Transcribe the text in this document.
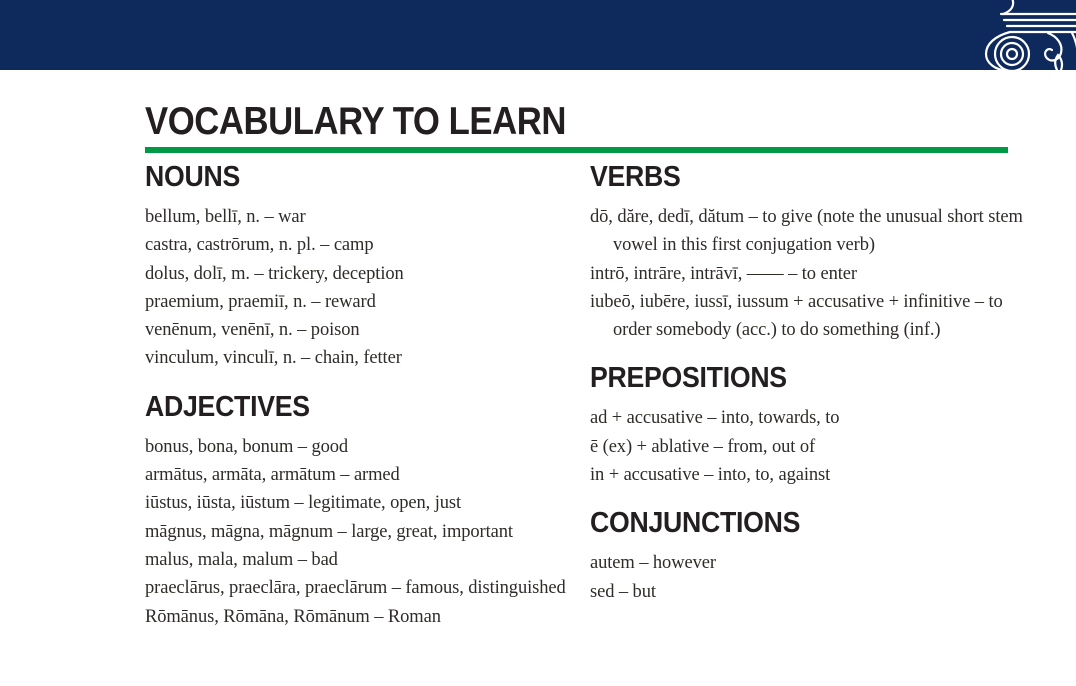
VOCABULARY TO LEARN
NOUNS

bellum, bellī, n. – war

castra, castrōrum, n. pl. – camp

dolus, dolī, m. – trickery, deception

praemium, praemiī, n. – reward

venēnum, venēnī, n. – poison

vinculum, vinculī, n. – chain, fetter

ADJECTIVES

bonus, bona, bonum – good

armātus, armāta, armātum – armed

iūstus, iūsta, iūstum – legitimate, open, just

māgnus, māgna, māgnum – large, great, important

malus, mala, malum – bad

praeclārus, praeclāra, praeclārum – famous, distinguished

Rōmānus, Rōmāna, Rōmānum – Roman

VERBS

dō, dăre, dedī, dătum – to give (note the unusual short stem vowel in this first conjugation verb)

intrō, intrāre, intrāvī, —— – to enter

iubeō, iubēre, iussī, iussum + accusative + infinitive – to order somebody (acc.) to do something (inf.)

PREPOSITIONS

ad + accusative – into, towards, to

ē (ex) + ablative – from, out of

in + accusative – into, to, against

CONJUNCTIONS

autem – however

sed – but
